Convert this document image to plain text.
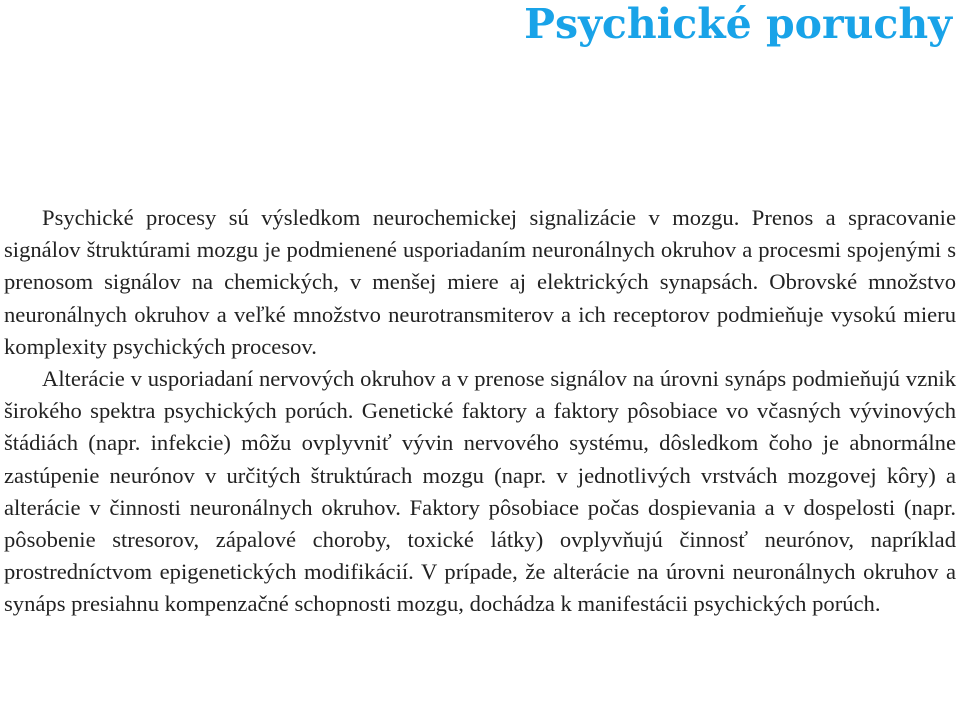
Psychické poruchy

Psychické procesy sú výsledkom neurochemickej signalizácie v mozgu. Prenos a spracovanie signálov štruktúrami mozgu je podmienené usporiadaním neuronálnych okruhov a procesmi spojenými s prenosom signálov na chemických, v menšej miere aj elektrických synapsách. Obrovské množstvo neuronálnych okruhov a veľké množstvo neurotransmiterov a ich receptorov podmieňuje vysokú mieru komplexity psychických procesov.

Alterácie v usporiadaní nervových okruhov a v prenose signálov na úrovni synáps podmieňujú vznik širokého spektra psychických porúch. Genetické faktory a faktory pôsobiace vo včasných vývinových štádiách (napr. infekcie) môžu ovplyvniť vývin nervového systému, dôsledkom čoho je abnormálne zastúpenie neurónov v určitých štruktúrach mozgu (napr. v jednotlivých vrstvách mozgovej kôry) a alterácie v činnosti neuronálnych okruhov. Faktory pôsobiace počas dospievania a v dospelosti (napr. pôsobenie stresorov, zápalové choroby, toxické látky) ovplyvňujú činnosť neurónov, napríklad prostredníctvom epigenetických modifikácií. V prípade, že alterácie na úrovni neuronálnych okruhov a synáps presiahnu kompenzačné schopnosti mozgu, dochádza k manifestácii psychických porúch.
